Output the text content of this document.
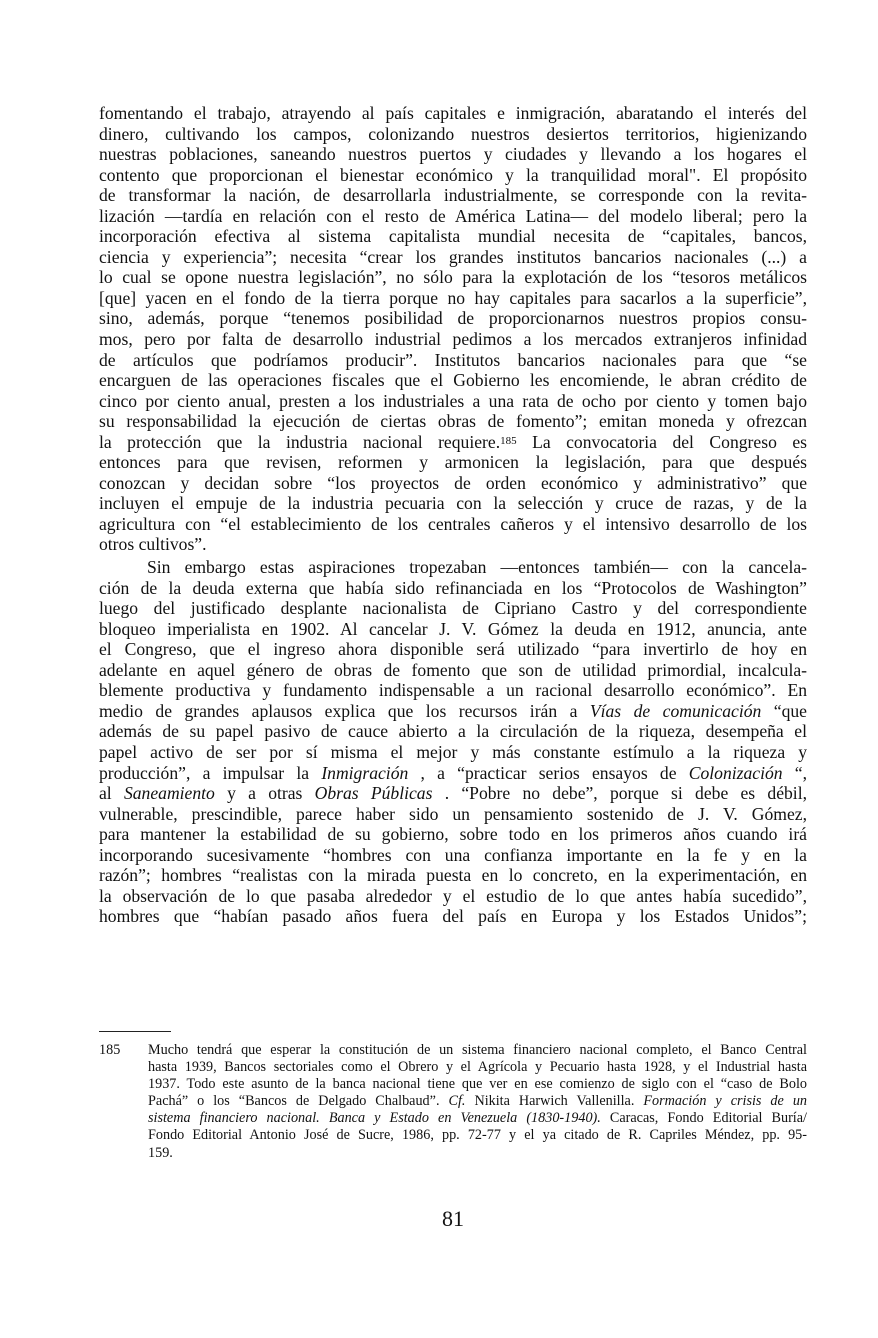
fomentando el trabajo, atrayendo al país capitales e inmigración, abaratando el interés del
dinero, cultivando los campos, colonizando nuestros desiertos territorios, higienizando
nuestras poblaciones, saneando nuestros puertos y ciudades y llevando a los hogares el
contento que proporcionan el bienestar económico y la tranquilidad moral". El propósito
de transformar la nación, de desarrollarla industrialmente, se corresponde con la revita-
lización —tardía en relación con el resto de América Latina— del modelo liberal; pero la
incorporación efectiva al sistema capitalista mundial necesita de “capitales, bancos,
ciencia y experiencia”; necesita “crear los grandes institutos bancarios nacionales (...) a
lo cual se opone nuestra legislación”, no sólo para la explotación de los “tesoros metálicos
[que] yacen en el fondo de la tierra porque no hay capitales para sacarlos a la superficie”,
sino, además, porque “tenemos posibilidad de proporcionarnos nuestros propios consu-
mos, pero por falta de desarrollo industrial pedimos a los mercados extranjeros infinidad
de artículos que podríamos producir”. Institutos bancarios nacionales para que “se
encarguen de las operaciones fiscales que el Gobierno les encomiende, le abran crédito de
cinco por ciento anual, presten a los industriales a una rata de ocho por ciento y tomen bajo
su responsabilidad la ejecución de ciertas obras de fomento”; emitan moneda y ofrezcan
la protección que la industria nacional requiere.$^{185}$ La convocatoria del Congreso es
entonces para que revisen, reformen y armonicen la legislación, para que después
conozcan y decidan sobre “los proyectos de orden económico y administrativo” que
incluyen el empuje de la industria pecuaria con la selección y cruce de razas, y de la
agricultura con “el establecimiento de los centrales cañeros y el intensivo desarrollo de los
otros cultivos”.
Sin embargo estas aspiraciones tropezaban —entonces también— con la cancela-
ción de la deuda externa que había sido refinanciada en los “Protocolos de Washington”
luego del justificado desplante nacionalista de Cipriano Castro y del correspondiente
bloqueo imperialista en 1902. Al cancelar J. V. Gómez la deuda en 1912, anuncia, ante
el Congreso, que el ingreso ahora disponible será utilizado “para invertirlo de hoy en
adelante en aquel género de obras de fomento que son de utilidad primordial, incalcula-
blemente productiva y fundamento indispensable a un racional desarrollo económico”. En
medio de grandes aplausos explica que los recursos irán a Vías de comunicación “que
además de su papel pasivo de cauce abierto a la circulación de la riqueza, desempeña el
papel activo de ser por sí misma el mejor y más constante estímulo a la riqueza y
producción”, a impulsar la Inmigración , a “practicar serios ensayos de Colonización “,
al Saneamiento y a otras Obras Públicas . “Pobre no debe”, porque si debe es débil,
vulnerable, prescindible, parece haber sido un pensamiento sostenido de J. V. Gómez,
para mantener la estabilidad de su gobierno, sobre todo en los primeros años cuando irá
incorporando sucesivamente “hombres con una confianza importante en la fe y en la
razón”; hombres “realistas con la mirada puesta en lo concreto, en la experimentación, en
la observación de lo que pasaba alrededor y el estudio de lo que antes había sucedido”,
hombres que “habían pasado años fuera del país en Europa y los Estados Unidos”;
185	Mucho tendrá que esperar la constitución de un sistema financiero nacional completo, el Banco Central
hasta 1939, Bancos sectoriales como el Obrero y el Agrícola y Pecuario hasta 1928, y el Industrial hasta
1937. Todo este asunto de la banca nacional tiene que ver en ese comienzo de siglo con el “caso de Bolo
Pachá” o los “Bancos de Delgado Chalbaud”. Cf. Nikita Harwich Vallenilla. Formación y crisis de un
sistema financiero nacional. Banca y Estado en Venezuela (1830-1940). Caracas, Fondo Editorial Buría/
Fondo Editorial Antonio José de Sucre, 1986, pp. 72-77 y el ya citado de R. Capriles Méndez, pp. 95-
159.
81
